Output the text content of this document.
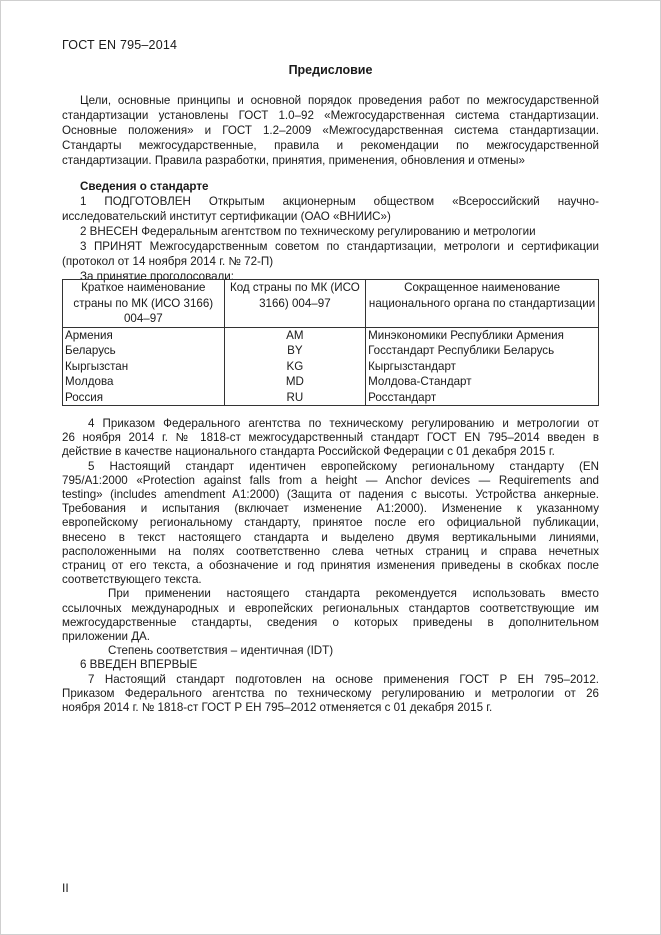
ГОСТ EN 795–2014
Предисловие

Цели, основные принципы и основной порядок проведения работ по межгосударственной

стандартизации установлены ГОСТ 1.0–92 «Межгосударственная система стандартизации.

Основные положения» и ГОСТ 1.2–2009 «Межгосударственная система стандартизации.

Стандарты межгосударственные, правила и рекомендации по межгосударственной

стандартизации. Правила разработки, принятия, применения, обновления и отмены»

Сведения о стандарте

1 ПОДГОТОВЛЕН Открытым акционерным обществом «Всероссийский научно-

исследовательский институт сертификации (ОАО «ВНИИС»)

2 ВНЕСЕН Федеральным агентством по техническому регулированию и метрологии

3 ПРИНЯТ Межгосударственным советом по стандартизации, метрологи и сертификации

(протокол от 14 ноября 2014 г. № 72-П)

За принятие проголосовали:

Краткое наименование страны по МК (ИСО 3166) 004–97	Код страны по МК (ИСО 3166) 004–97	Сокращенное наименование национального органа по стандартизации
Армения	AM	Минэкономики Республики Армения
Беларусь	BY	Госстандарт Республики Беларусь
Кыргызстан	KG	Кыргызстандарт
Молдова	MD	Молдова-Стандарт
Россия	RU	Росстандарт

4 Приказом Федерального агентства по техническому регулированию и метрологии от

26 ноября 2014 г. № 1818-ст межгосударственный стандарт ГОСТ EN 795–2014 введен в

действие в качестве национального стандарта Российской Федерации с 01 декабря 2015 г.

5 Настоящий стандарт идентичен европейскому региональному стандарту (EN

795/A1:2000 «Protection against falls from a height — Anchor devices — Requirements and

testing» (includes amendment A1:2000) (Защита от падения с высоты. Устройства анкерные.

Требования и испытания (включает изменение А1:2000). Изменение к указанному

европейскому региональному стандарту, принятое после его официальной публикации,

внесено в текст настоящего стандарта и выделено двумя вертикальными линиями,

расположенными на полях соответственно слева четных страниц и справа нечетных

страниц от его текста, а обозначение и год принятия изменения приведены в скобках после

соответствующего текста.

При применении настоящего стандарта рекомендуется использовать вместо

ссылочных международных и европейских региональных стандартов соответствующие им

межгосударственные стандарты, сведения о которых приведены в дополнительном

приложении ДА.

Степень соответствия – идентичная (IDT)

6 ВВЕДЕН ВПЕРВЫЕ

7 Настоящий стандарт подготовлен на основе применения ГОСТ Р ЕН 795–2012.

Приказом Федерального агентства по техническому регулированию и метрологии от 26

ноября 2014 г. № 1818-ст ГОСТ Р ЕН 795–2012 отменяется с 01 декабря 2015 г.

II
